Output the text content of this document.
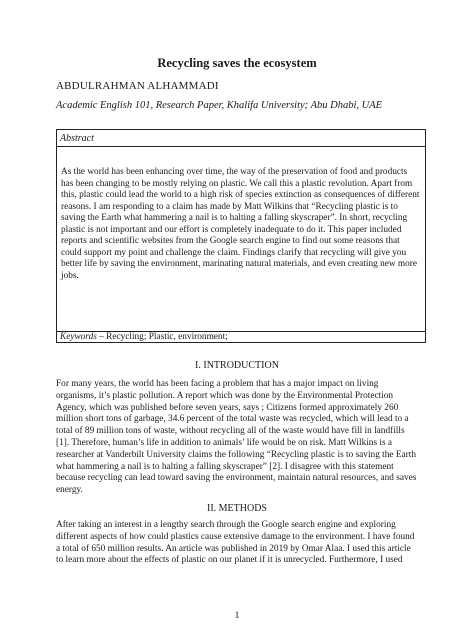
Recycling saves the ecosystem
ABDULRAHMAN ALHAMMADI
Academic English 101, Research Paper, Khalifa University; Abu Dhabi, UAE
Abstract
As the world has been enhancing over time, the way of the preservation of food and products has been changing to be mostly relying on plastic. We call this a plastic revolution. Apart from this, plastic could lead the world to a high risk of species extinction as consequences of different reasons. I am responding to a claim has made by Matt Wilkins that “Recycling plastic is to saving the Earth what hammering a nail is to halting a falling skyscraper”. In short, recycling plastic is not important and our effort is completely inadequate to do it. This paper included reports and scientific websites from the Google search engine to find out some reasons that could support my point and challenge the claim. Findings clarify that recycling will give you better life by saving the environment, marinating natural materials, and even creating new more jobs.
Keywords – Recycling; Plastic, environment;
I. INTRODUCTION
For many years, the world has been facing a problem that has a major impact on living organisms, it’s plastic pollution. A report which was done by the Environmental Protection Agency, which was published before seven years, says ; Citizens formed approximately 260 million short tons of garbage, 34.6 percent of the total waste was recycled, which will lead to a total of 89 million tons of waste, without recycling all of the waste would have fill in landfills [1]. Therefore, human’s life in addition to animals’ life would be on risk. Matt Wilkins is a researcher at Vanderbilt University claims the following “Recycling plastic is to saving the Earth what hammering a nail is to halting a falling skyscraper” [2]. I disagree with this statement because recycling can lead toward saving the environment, maintain natural resources, and saves energy.
II. METHODS
After taking an interest in a lengthy search through the Google search engine and exploring different aspects of how could plastics cause extensive damage to the environment. I have found a total of 650 million results. An article was published in 2019 by Omar Alaa. I used this article to learn more about the effects of plastic on our planet if it is unrecycled. Furthermore, I used
1
